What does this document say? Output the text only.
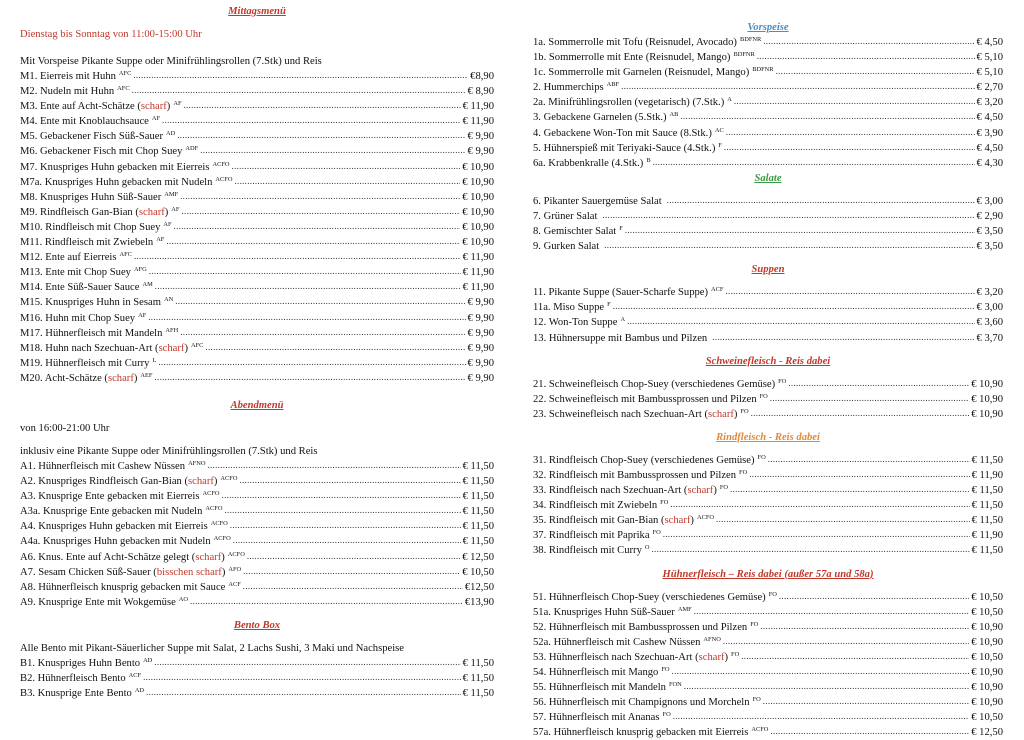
Mittagsmenü
Dienstag bis Sonntag von 11:00-15:00 Uhr
Mit Vorspeise Pikante Suppe oder Minifrühlingsrollen (7.Stk) und Reis
M1. Eierreis mit Huhn AFC .....	€8,90
M2. Nudeln mit Huhn AFC .....	€ 8,90
M3. Ente auf Acht-Schätze (scharf) AF .....	€ 11,90
M4. Ente mit Knoblauchsauce AF .....	€ 11,90
M5. Gebackener Fisch Süß-Sauer AD .....	€ 9,90
M6. Gebackener Fisch mit Chop Suey ADF .....	€ 9,90
M7. Knuspriges Huhn gebacken mit Eierreis ACFO .....	€ 10,90
M7a. Knuspriges Huhn gebacken mit Nudeln ACFO .....	€ 10,90
M8. Knuspriges Huhn Süß-Sauer AMF .....	€ 10,90
M9. Rindfleisch Gan-Bian (scharf) AF .....	€ 10,90
M10. Rindfleisch mit Chop Suey AF .....	€ 10,90
M11. Rindfleisch mit Zwiebeln AF .....	€ 10,90
M12. Ente auf Eierreis AFC .....	€ 11,90
M13. Ente mit Chop Suey AFG .....	€ 11,90
M14. Ente Süß-Sauer Sauce AM .....	€ 11,90
M15. Knuspriges Huhn in Sesam AN .....	€ 9,90
M16. Huhn mit Chop Suey AF .....	€ 9,90
M17. Hühnerfleisch mit Mandeln AFH .....	€ 9,90
M18. Huhn nach Szechuan-Art (scharf) AFC .....	€ 9,90
M19. Hühnerfleisch mit Curry L .....	€ 9,90
M20. Acht-Schätze (scharf) AEF .....	€ 9,90
Abendmenü
von 16:00-21:00 Uhr
inklusiv eine Pikante Suppe oder Minifrühlingsrollen (7.Stk) und Reis
A1. Hühnerfleisch mit Cashew Nüssen AFNO .....	€ 11,50
A2. Knuspriges Rindfleisch Gan-Bian (scharf) ACFO .....	€ 11,50
A3. Knusprige Ente gebacken mit Eierreis ACFO .....	€ 11,50
A3a. Knusprige Ente gebacken mit Nudeln ACFO .....	€ 11,50
A4. Knuspriges Huhn gebacken mit Eierreis ACFO .....	€ 11,50
A4a. Knuspriges Huhn gebacken mit Nudeln ACFO .....	€ 11,50
A6. Knus. Ente auf Acht-Schätze gelegt (scharf) ACFO .....	€ 12,50
A7. Sesam Chicken Süß-Sauer (bisschen scharf) AFO .....	€ 10,50
A8. Hühnerfleisch knusprig gebacken mit Sauce ACF .....	€12,50
A9. Knusprige Ente mit Wokgemüse AO .....	€13,90
Bento Box
Alle Bento mit Pikant-Säuerlicher Suppe mit Salat, 2 Lachs Sushi, 3 Maki und Nachspeise
B1. Knuspriges Huhn Bento AD .....	€ 11,50
B2. Hühnerfleisch Bento ACF .....	€ 11,50
B3. Knusprige Ente Bento AD .....	€ 11,50
Vorspeise
1a. Sommerrolle mit Tofu (Reisnudel, Avocado) BDFNR .....	€ 4,50
1b. Sommerrolle mit Ente (Reisnudel, Mango) BDFNR .....	€ 5,10
1c. Sommerrolle mit Garnelen (Reisnudel, Mango) BDFNR .....	€ 5,10
2. Hummerchips ABF .....	€ 2,70
2a. Minifrühlingsrollen (vegetarisch) (7.Stk.) A .....	€ 3,20
3. Gebackene Garnelen (5.Stk.) AB .....	€ 4,50
4. Gebackene Won-Ton mit Sauce (8.Stk.) AC .....	€ 3,90
5. Hühnerspieß mit Teriyaki-Sauce (4.Stk.) F .....	€ 4,50
6a. Krabbenkralle (4.Stk.) B .....	€ 4,30
Salate
6. Pikanter Sauergemüse Salat .....	€ 3,00
7. Grüner Salat .....	€ 2,90
8. Gemischter Salat F .....	€ 3,50
9. Gurken Salat .....	€ 3,50
Suppen
11. Pikante Suppe (Sauer-Scharfe Suppe) ACF .....	€ 3,20
11a. Miso Suppe F .....	€ 3,00
12. Won-Ton Suppe A .....	€ 3,60
13. Hühnersuppe mit Bambus und Pilzen .....	€ 3,70
Schweinefleisch - Reis dabei
21. Schweinefleisch Chop-Suey (verschiedenes Gemüse) FO .....	€ 10,90
22. Schweinefleisch mit Bambussprossen und Pilzen FO .....	€ 10,90
23. Schweinefleisch nach Szechuan-Art (scharf) FO .....	€ 10,90
Rindfleisch - Reis dabei
31. Rindfleisch Chop-Suey (verschiedenes Gemüse) FO .....	€ 11,50
32. Rindfleisch mit Bambussprossen und Pilzen FO .....	€ 11,90
33. Rindfleisch nach Szechuan-Art (scharf) FO .....	€ 11,50
34. Rindfleisch mit Zwiebeln FO .....	€ 11,50
35. Rindfleisch mit Gan-Bian (scharf) ACFO .....	€ 11,50
37. Rindfleisch mit Paprika FO .....	€ 11,90
38. Rindfleisch mit Curry O .....	€ 11,50
Hühnerfleisch – Reis dabei (außer 57a und 58a)
51. Hühnerfleisch Chop-Suey (verschiedenes Gemüse) FO .....	€ 10,50
51a. Knuspriges Huhn Süß-Sauer AMF .....	€ 10,50
52. Hühnerfleisch mit Bambussprossen und Pilzen FO .....	€ 10,90
52a. Hühnerfleisch mit Cashew Nüssen AFNO .....	€ 10,90
53. Hühnerfleisch nach Szechuan-Art (scharf) FO .....	€ 10,50
54. Hühnerfleisch mit Mango FO .....	€ 10,90
55. Hühnerfleisch mit Mandeln FON .....	€ 10,90
56. Hühnerfleisch mit Champignons und Morcheln FO .....	€ 10,90
57. Hühnerfleisch mit Ananas FO .....	€ 10,50
57a. Hühnerfleisch knusprig gebacken mit Eierreis ACFO .....	€ 12,50
